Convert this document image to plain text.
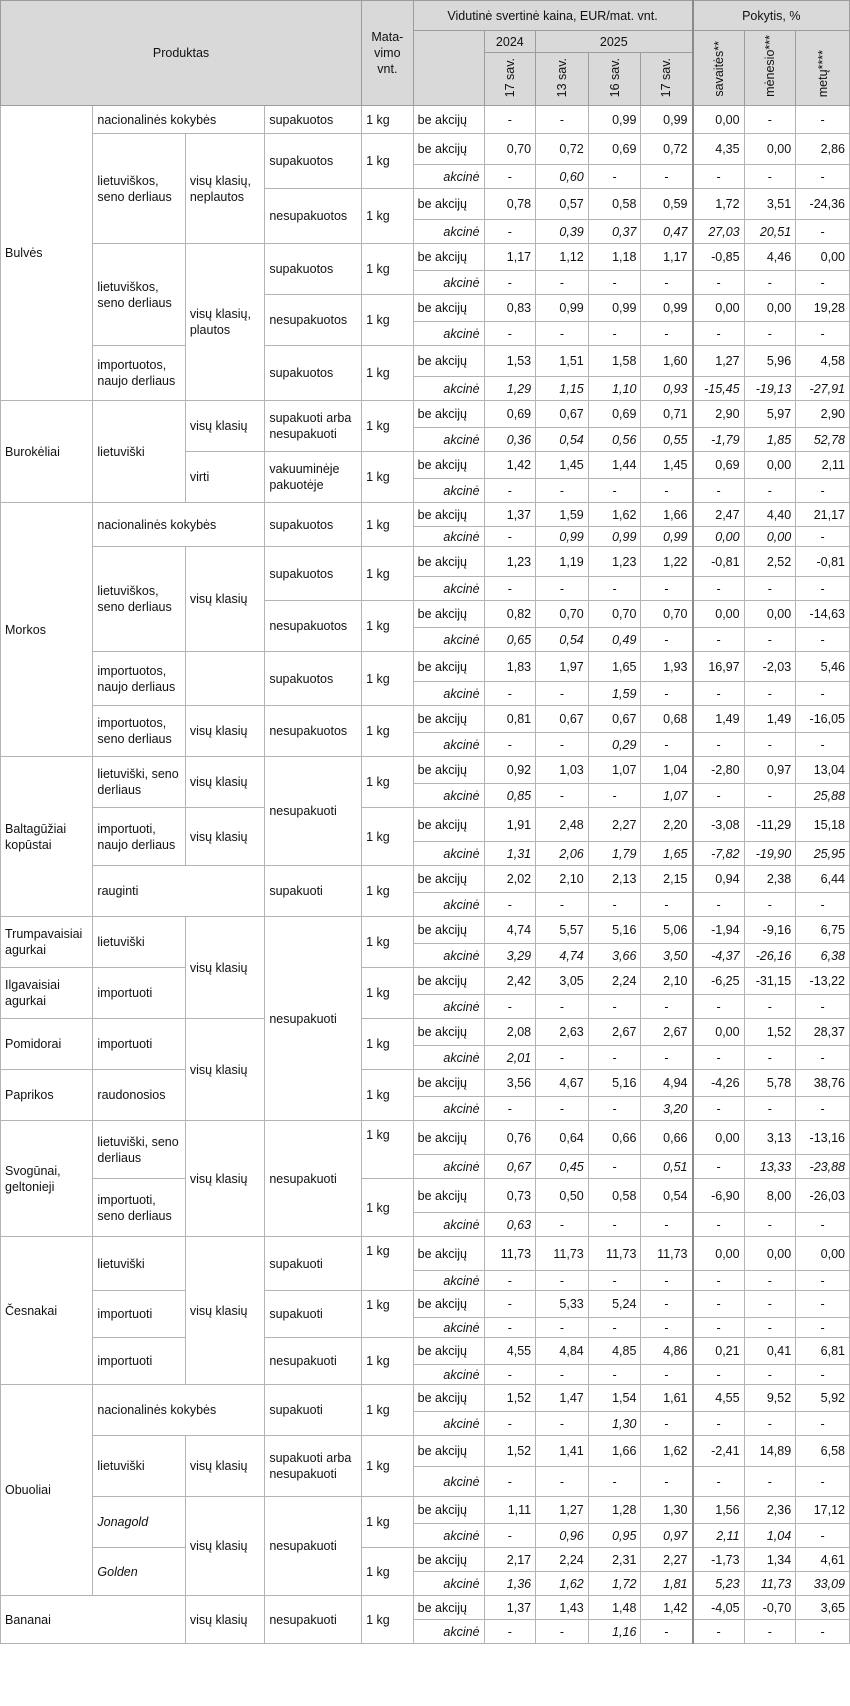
Produktas				Mata-
vimo
vnt.	Vidutinė svertinė kaina, EUR/mat. vnt.					Pokytis, %		
						2024	2025			savaitės**	mėnesio***	metų****
						17 sav.	13 sav.	16 sav.	17 sav.			
Bulvės	nacionalinės kokybės		supakuotos	1 kg	be akcijų	-	-	0,99	0,99	0,00	-	-
	lietuviškos, seno derliaus	visų klasių, neplautos	supakuotos	1 kg	be akcijų	0,70	0,72	0,69	0,72	4,35	0,00	2,86
					akcinė	-	0,60	-	-	-	-	-
			nesupakuotos	1 kg	be akcijų	0,78	0,57	0,58	0,59	1,72	3,51	-24,36
					akcinė	-	0,39	0,37	0,47	27,03	20,51	-
	lietuviškos, seno derliaus	visų klasių, plautos	supakuotos	1 kg	be akcijų	1,17	1,12	1,18	1,17	-0,85	4,46	0,00
					akcinė	-	-	-	-	-	-	-
			nesupakuotos	1 kg	be akcijų	0,83	0,99	0,99	0,99	0,00	0,00	19,28
					akcinė	-	-	-	-	-	-	-
	importuotos, naujo derliaus		supakuotos	1 kg	be akcijų	1,53	1,51	1,58	1,60	1,27	5,96	4,58
					akcinė	1,29	1,15	1,10	0,93	-15,45	-19,13	-27,91
Burokėliai	lietuviški	visų klasių	supakuoti arba nesupakuoti	1 kg	be akcijų	0,69	0,67	0,69	0,71	2,90	5,97	2,90
					akcinė	0,36	0,54	0,56	0,55	-1,79	1,85	52,78
		virti	vakuuminėje pakuotėje	1 kg	be akcijų	1,42	1,45	1,44	1,45	0,69	0,00	2,11
					akcinė	-	-	-	-	-	-	-
Morkos	nacionalinės kokybės		supakuotos	1 kg	be akcijų	1,37	1,59	1,62	1,66	2,47	4,40	21,17
					akcinė	-	0,99	0,99	0,99	0,00	0,00	-
	lietuviškos, seno derliaus	visų klasių	supakuotos	1 kg	be akcijų	1,23	1,19	1,23	1,22	-0,81	2,52	-0,81
					akcinė	-	-	-	-	-	-	-
			nesupakuotos	1 kg	be akcijų	0,82	0,70	0,70	0,70	0,00	0,00	-14,63
					akcinė	0,65	0,54	0,49	-	-	-	-
	importuotos, naujo derliaus		supakuotos	1 kg	be akcijų	1,83	1,97	1,65	1,93	16,97	-2,03	5,46
					akcinė	-	-	1,59	-	-	-	-
	importuotos, seno derliaus	visų klasių	nesupakuotos	1 kg	be akcijų	0,81	0,67	0,67	0,68	1,49	1,49	-16,05
					akcinė	-	-	0,29	-	-	-	-
Baltagūžiai kopūstai	lietuviški, seno derliaus	visų klasių	nesupakuoti	1 kg	be akcijų	0,92	1,03	1,07	1,04	-2,80	0,97	13,04
					akcinė	0,85	-	-	1,07	-	-	25,88
	importuoti, naujo derliaus	visų klasių		1 kg	be akcijų	1,91	2,48	2,27	2,20	-3,08	-11,29	15,18
					akcinė	1,31	2,06	1,79	1,65	-7,82	-19,90	25,95
	rauginti		supakuoti	1 kg	be akcijų	2,02	2,10	2,13	2,15	0,94	2,38	6,44
					akcinė	-	-	-	-	-	-	-
Trumpavaisiai agurkai	lietuviški	visų klasių	nesupakuoti	1 kg	be akcijų	4,74	5,57	5,16	5,06	-1,94	-9,16	6,75
					akcinė	3,29	4,74	3,66	3,50	-4,37	-26,16	6,38
Ilgavaisiai agurkai	importuoti			1 kg	be akcijų	2,42	3,05	2,24	2,10	-6,25	-31,15	-13,22
					akcinė	-	-	-	-	-	-	-
Pomidorai	importuoti	visų klasių		1 kg	be akcijų	2,08	2,63	2,67	2,67	0,00	1,52	28,37
					akcinė	2,01	-	-	-	-	-	-
Paprikos	raudonosios			1 kg	be akcijų	3,56	4,67	5,16	4,94	-4,26	5,78	38,76
					akcinė	-	-	-	3,20	-	-	-
Svogūnai, geltonieji	lietuviški, seno derliaus	visų klasių	nesupakuoti	1 kg	be akcijų	0,76	0,64	0,66	0,66	0,00	3,13	-13,16
					akcinė	0,67	0,45	-	0,51	-	13,33	-23,88
	importuoti, seno derliaus			1 kg	be akcijų	0,73	0,50	0,58	0,54	-6,90	8,00	-26,03
					akcinė	0,63	-	-	-	-	-	-
Česnakai	lietuviški	visų klasių	supakuoti	1 kg	be akcijų	11,73	11,73	11,73	11,73	0,00	0,00	0,00
					akcinė	-	-	-	-	-	-	-
	importuoti		supakuoti	1 kg	be akcijų	-	5,33	5,24	-	-	-	-
					akcinė	-	-	-	-	-	-	-
	importuoti		nesupakuoti	1 kg	be akcijų	4,55	4,84	4,85	4,86	0,21	0,41	6,81
					akcinė	-	-	-	-	-	-	-
Obuoliai	nacionalinės kokybės		supakuoti	1 kg	be akcijų	1,52	1,47	1,54	1,61	4,55	9,52	5,92
					akcinė	-	-	1,30	-	-	-	-
	lietuviški	visų klasių	supakuoti arba nesupakuoti	1 kg	be akcijų	1,52	1,41	1,66	1,62	-2,41	14,89	6,58
					akcinė	-	-	-	-	-	-	-
	Jonagold	visų klasių	nesupakuoti	1 kg	be akcijų	1,11	1,27	1,28	1,30	1,56	2,36	17,12
					akcinė	-	0,96	0,95	0,97	2,11	1,04	-
	Golden			1 kg	be akcijų	2,17	2,24	2,31	2,27	-1,73	1,34	4,61
					akcinė	1,36	1,62	1,72	1,81	5,23	11,73	33,09
Bananai		visų klasių	nesupakuoti	1 kg	be akcijų	1,37	1,43	1,48	1,42	-4,05	-0,70	3,65
					akcinė	-	-	1,16	-	-	-	-
